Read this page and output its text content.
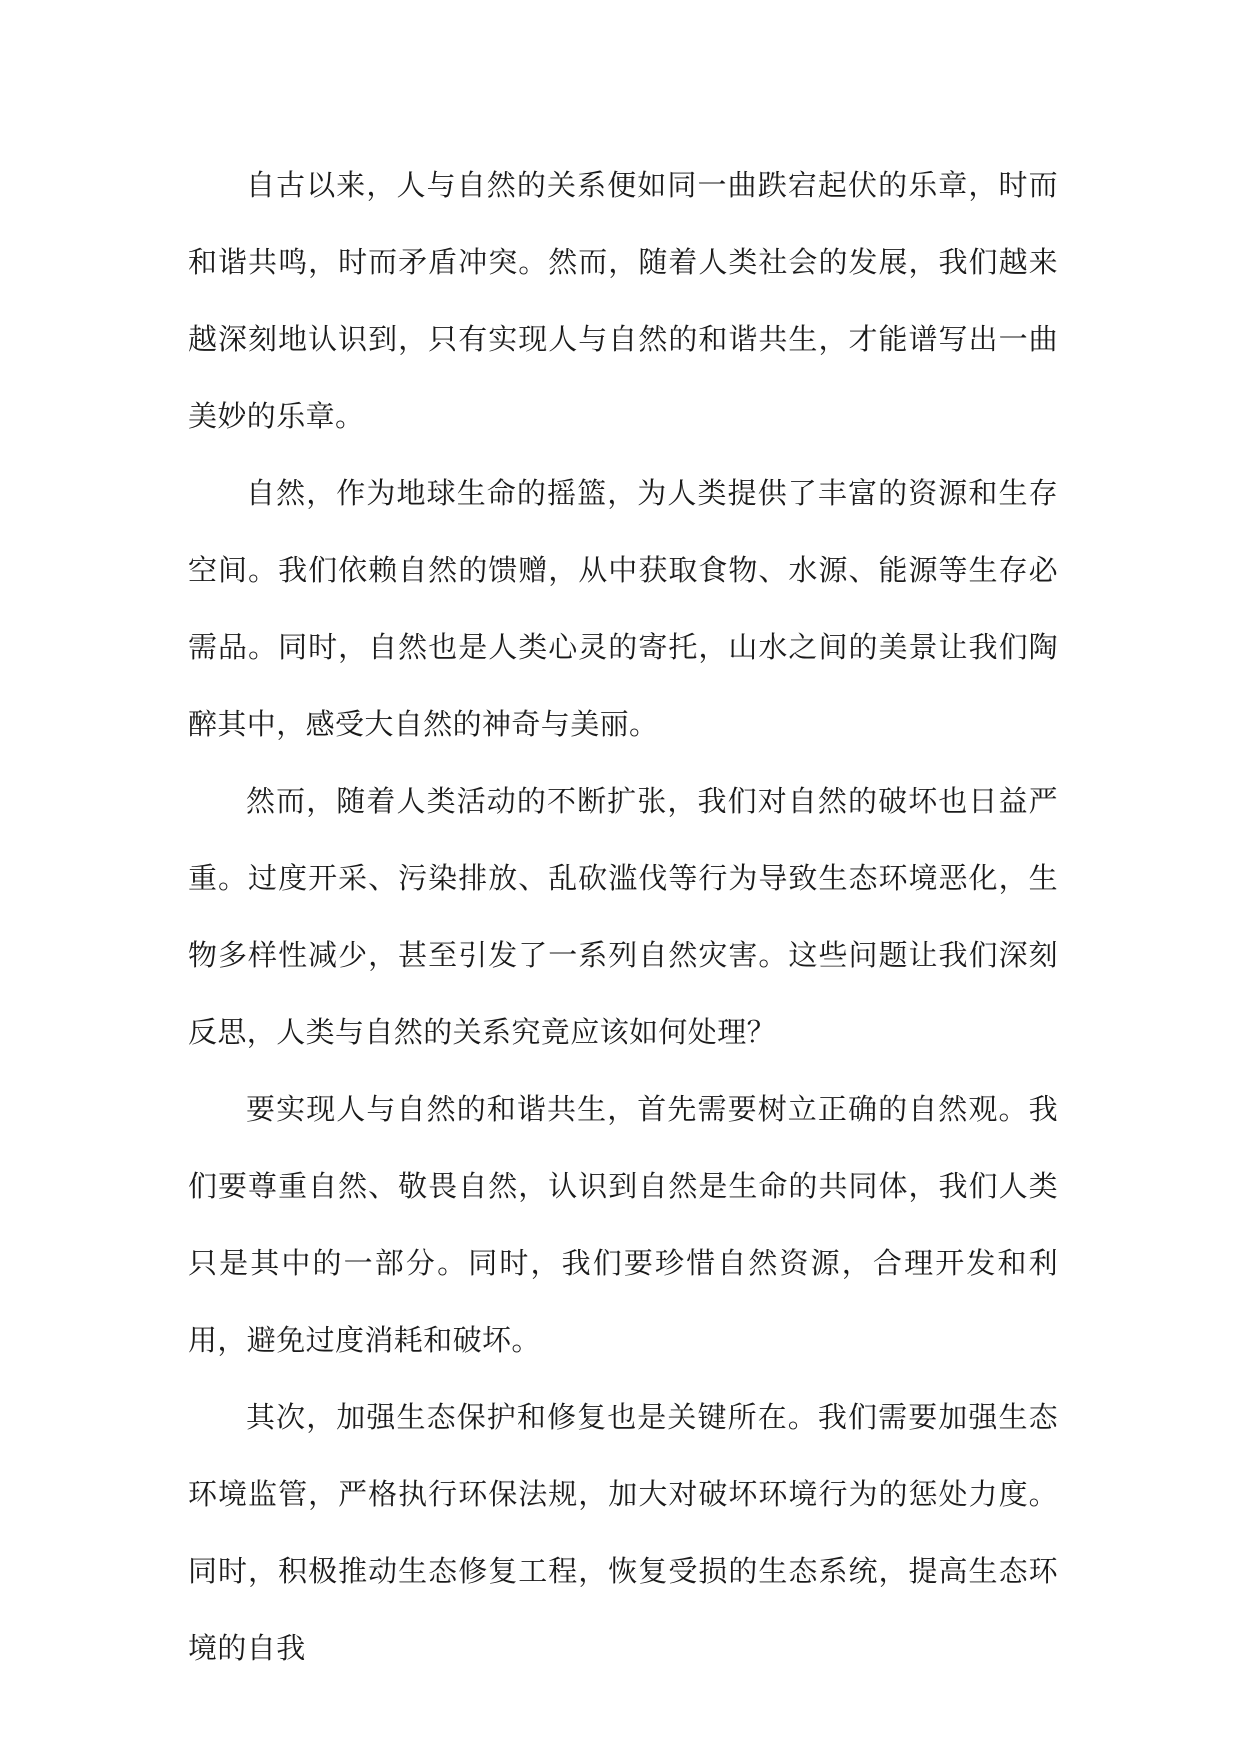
自古以来，人与自然的关系便如同一曲跌宕起伏的乐章，时而和谐共鸣，时而矛盾冲突。然而，随着人类社会的发展，我们越来越深刻地认识到，只有实现人与自然的和谐共生，才能谱写出一曲美妙的乐章。

自然，作为地球生命的摇篮，为人类提供了丰富的资源和生存空间。我们依赖自然的馈赠，从中获取食物、水源、能源等生存必需品。同时，自然也是人类心灵的寄托，山水之间的美景让我们陶醉其中，感受大自然的神奇与美丽。

然而，随着人类活动的不断扩张，我们对自然的破坏也日益严重。过度开采、污染排放、乱砍滥伐等行为导致生态环境恶化，生物多样性减少，甚至引发了一系列自然灾害。这些问题让我们深刻反思，人类与自然的关系究竟应该如何处理？

要实现人与自然的和谐共生，首先需要树立正确的自然观。我们要尊重自然、敬畏自然，认识到自然是生命的共同体，我们人类只是其中的一部分。同时，我们要珍惜自然资源，合理开发和利用，避免过度消耗和破坏。

其次，加强生态保护和修复也是关键所在。我们需要加强生态环境监管，严格执行环保法规，加大对破坏环境行为的惩处力度。同时，积极推动生态修复工程，恢复受损的生态系统，提高生态环境的自我
